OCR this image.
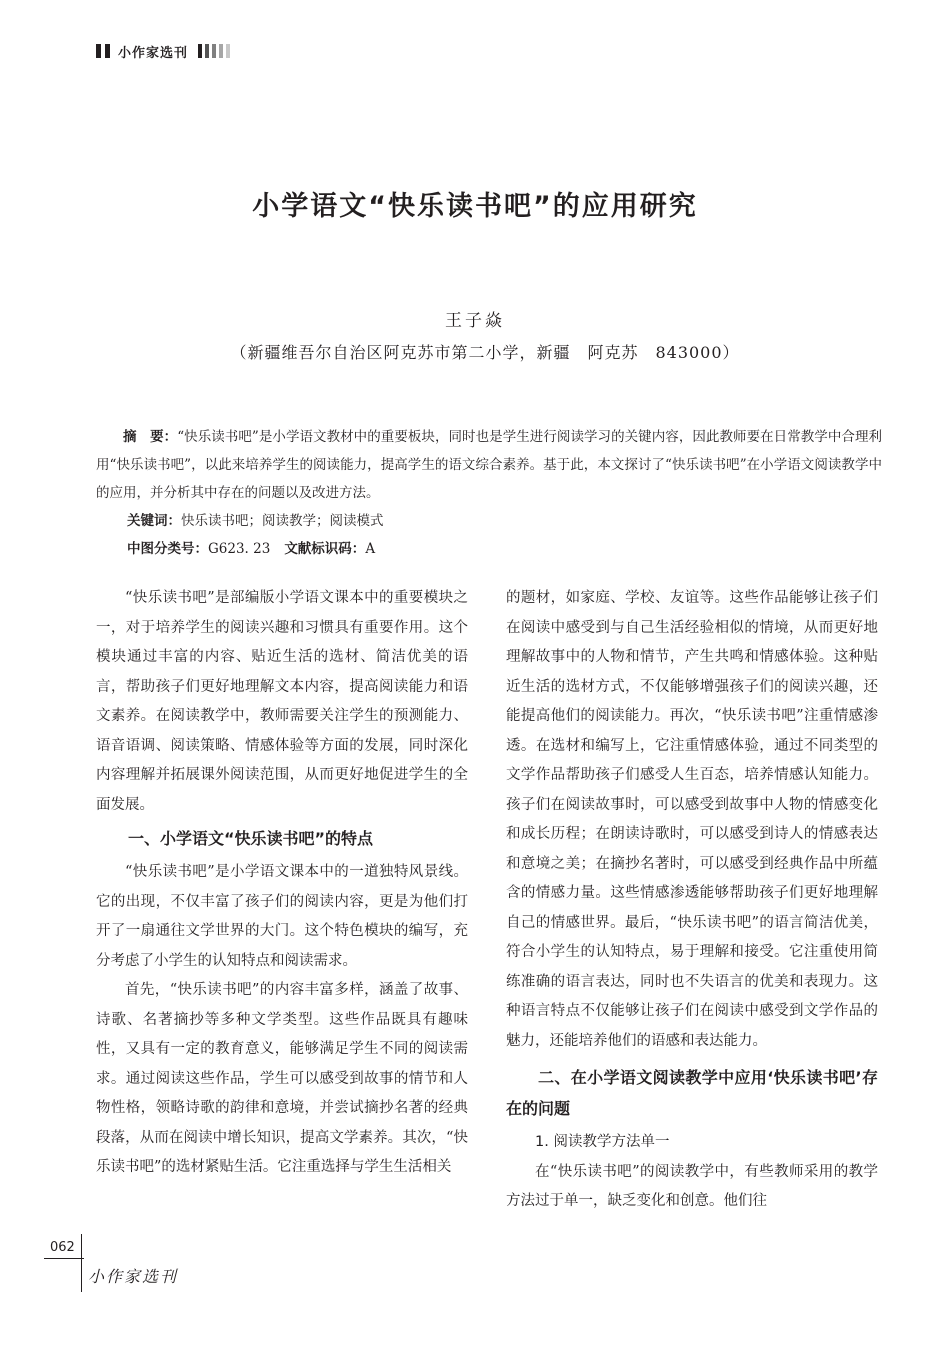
小作家选刊
小学语文“快乐读书吧”的应用研究
王子焱
（新疆维吾尔自治区阿克苏市第二小学，新疆　阿克苏　843000）

摘　要：“快乐读书吧”是小学语文教材中的重要板块，同时也是学生进行阅读学习的关键内容，因此教师要在日常教学中合理利用“快乐读书吧”，以此来培养学生的阅读能力，提高学生的语文综合素养。基于此，本文探讨了“快乐读书吧”在小学语文阅读教学中的应用，并分析其中存在的问题以及改进方法。

关键词：快乐读书吧；阅读教学；阅读模式

中图分类号：G623. 23 文献标识码：A

“快乐读书吧”是部编版小学语文课本中的重要模块之一，对于培养学生的阅读兴趣和习惯具有重要作用。这个模块通过丰富的内容、贴近生活的选材、简洁优美的语言，帮助孩子们更好地理解文本内容，提高阅读能力和语文素养。在阅读教学中，教师需要关注学生的预测能力、语音语调、阅读策略、情感体验等方面的发展，同时深化内容理解并拓展课外阅读范围，从而更好地促进学生的全面发展。

一、小学语文“快乐读书吧”的特点

“快乐读书吧”是小学语文课本中的一道独特风景线。它的出现，不仅丰富了孩子们的阅读内容，更是为他们打开了一扇通往文学世界的大门。这个特色模块的编写，充分考虑了小学生的认知特点和阅读需求。

首先，“快乐读书吧”的内容丰富多样，涵盖了故事、诗歌、名著摘抄等多种文学类型。这些作品既具有趣味性，又具有一定的教育意义，能够满足学生不同的阅读需求。通过阅读这些作品，学生可以感受到故事的情节和人物性格，领略诗歌的韵律和意境，并尝试摘抄名著的经典段落，从而在阅读中增长知识，提高文学素养。其次，“快乐读书吧”的选材紧贴生活。它注重选择与学生生活相关

的题材，如家庭、学校、友谊等。这些作品能够让孩子们在阅读中感受到与自己生活经验相似的情境，从而更好地理解故事中的人物和情节，产生共鸣和情感体验。这种贴近生活的选材方式，不仅能够增强孩子们的阅读兴趣，还能提高他们的阅读能力。再次，“快乐读书吧”注重情感渗透。在选材和编写上，它注重情感体验，通过不同类型的文学作品帮助孩子们感受人生百态，培养情感认知能力。孩子们在阅读故事时，可以感受到故事中人物的情感变化和成长历程；在朗读诗歌时，可以感受到诗人的情感表达和意境之美；在摘抄名著时，可以感受到经典作品中所蕴含的情感力量。这些情感渗透能够帮助孩子们更好地理解自己的情感世界。最后，“快乐读书吧”的语言简洁优美，符合小学生的认知特点，易于理解和接受。它注重使用简练准确的语言表达，同时也不失语言的优美和表现力。这种语言特点不仅能够让孩子们在阅读中感受到文学作品的魅力，还能培养他们的语感和表达能力。

二、在小学语文阅读教学中应用‘快乐读书吧’存在的问题
1. 阅读教学方法单一

在“快乐读书吧”的阅读教学中，有些教师采用的教学方法过于单一，缺乏变化和创意。他们往

062
小作家选刊
